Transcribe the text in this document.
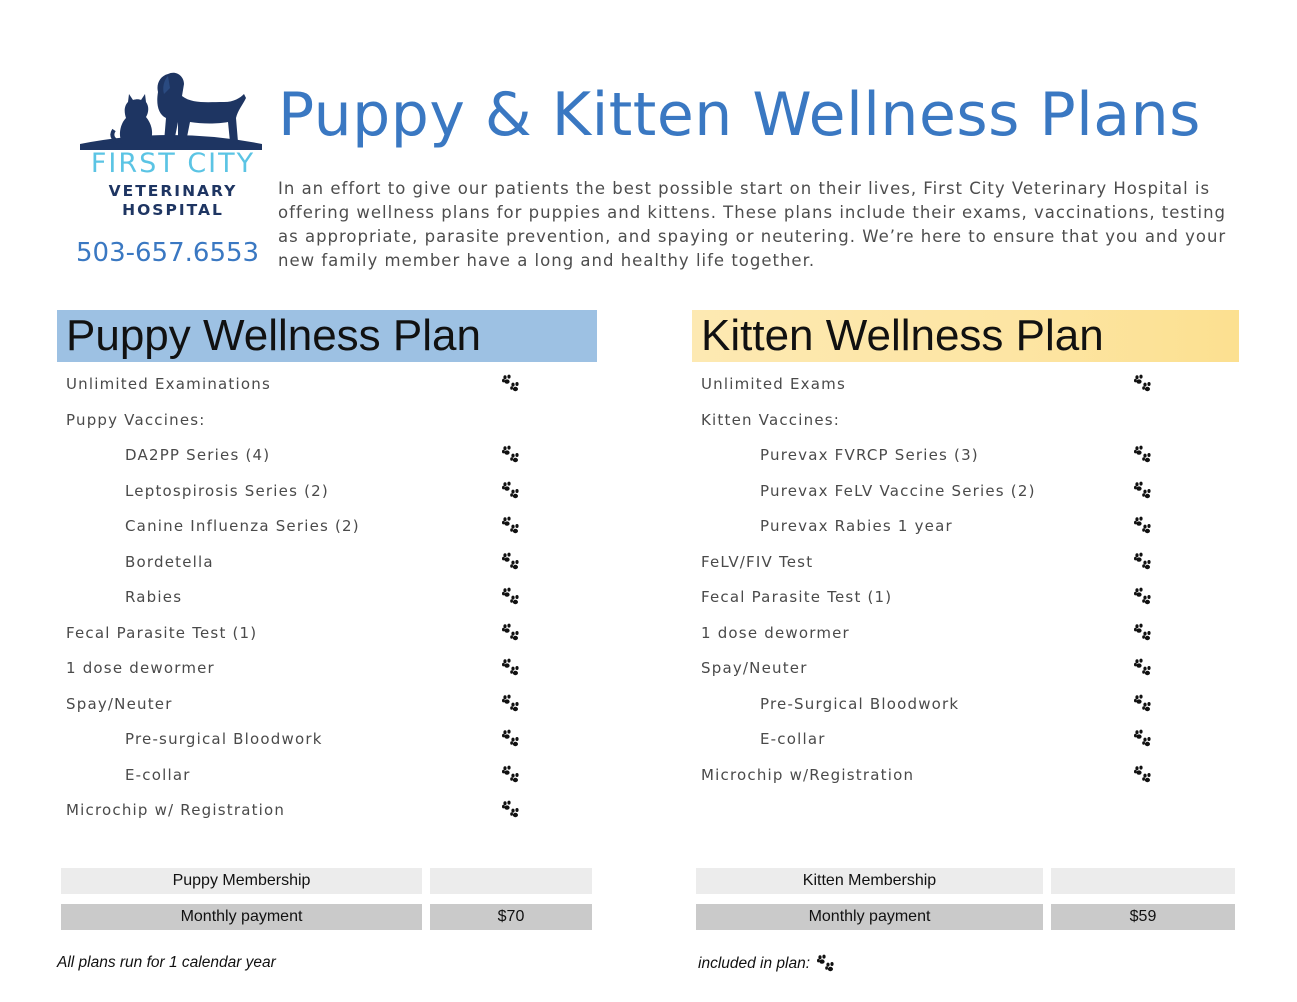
FIRST CITY
VETERINARY
HOSPITAL
503-657.6553
Puppy & Kitten Wellness Plans
In an effort to give our patients the best possible start on their lives, First City Veterinary Hospital is offering wellness plans for puppies and kittens. These plans include their exams, vaccinations, testing as appropriate, parasite prevention, and spaying or neutering. We’re here to ensure that you and your new family member have a long and healthy life together.
Puppy Wellness Plan
Unlimited Examinations
Puppy Vaccines:
DA2PP Series (4)
Leptospirosis Series (2)
Canine Influenza Series (2)
Bordetella
Rabies
Fecal Parasite Test (1)
1 dose dewormer
Spay/Neuter
Pre-surgical Bloodwork
E-collar
Microchip w/ Registration
Kitten Wellness Plan
Unlimited Exams
Kitten Vaccines:
Purevax FVRCP Series (3)
Purevax FeLV Vaccine Series (2)
Purevax Rabies 1 year
FeLV/FIV Test
Fecal Parasite Test (1)
1 dose dewormer
Spay/Neuter
Pre-Surgical Bloodwork
E-collar
Microchip w/Registration
Puppy Membership
Monthly payment	$70
Kitten Membership
Monthly payment	$59
All plans run for 1 calendar year	included in plan:
